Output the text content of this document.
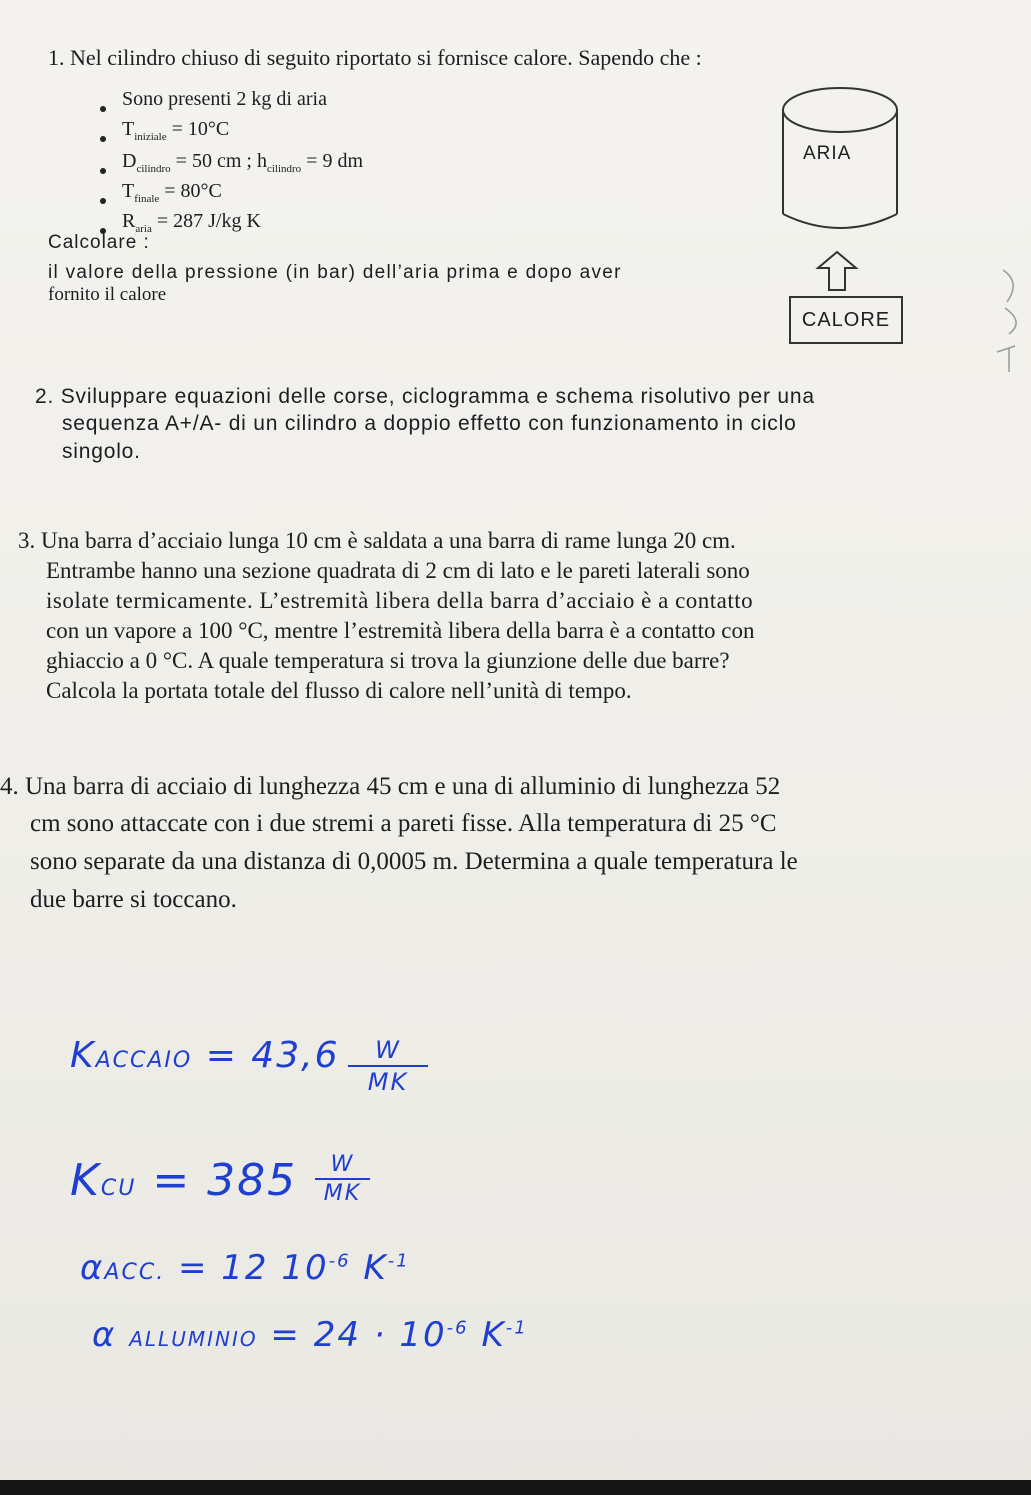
1. Nel cilindro chiuso di seguito riportato si fornisce calore. Sapendo che :
Sono presenti 2 kg di aria
$T_{iniziale} = 10^\circ C$
$D_{cilindro} = 50$ cm ; $h_{cilindro} = 9$ dm
$T_{finale} = 80^\circ C$
$R_{aria} = 287$ J/kg K
Calcolare :
il valore della pressione (in bar) dell’aria prima e dopo aver
fornito il calore
ARIA
CALORE
2. Sviluppare equazioni delle corse, ciclogramma e schema risolutivo per una
sequenza A+/A- di un cilindro a doppio effetto con funzionamento in ciclo
singolo.
3. Una barra d’acciaio lunga 10 cm è saldata a una barra di rame lunga 20 cm.
Entrambe hanno una sezione quadrata di 2 cm di lato e le pareti laterali sono
isolate termicamente. L’estremità libera della barra d’acciaio è a contatto
con un vapore a 100 °C, mentre l’estremità libera della barra è a contatto con
ghiaccio a 0 °C. A quale temperatura si trova la giunzione delle due barre?
Calcola la portata totale del flusso di calore nell’unità di tempo.
4. Una barra di acciaio di lunghezza 45 cm e una di alluminio di lunghezza 52
cm sono attaccate con i due stremi a pareti fisse. Alla temperatura di 25 °C
sono separate da una distanza di 0,0005 m. Determina a quale temperatura le
due barre si toccano.
KACCAIO = 43,6 W
MK
KCU = 385 W
MK
αACC. = 12 $10^{-6}$ $K^{-1}$
α ALLUMINIO = $24 \cdot 10^{-6}$ $K^{-1}$
